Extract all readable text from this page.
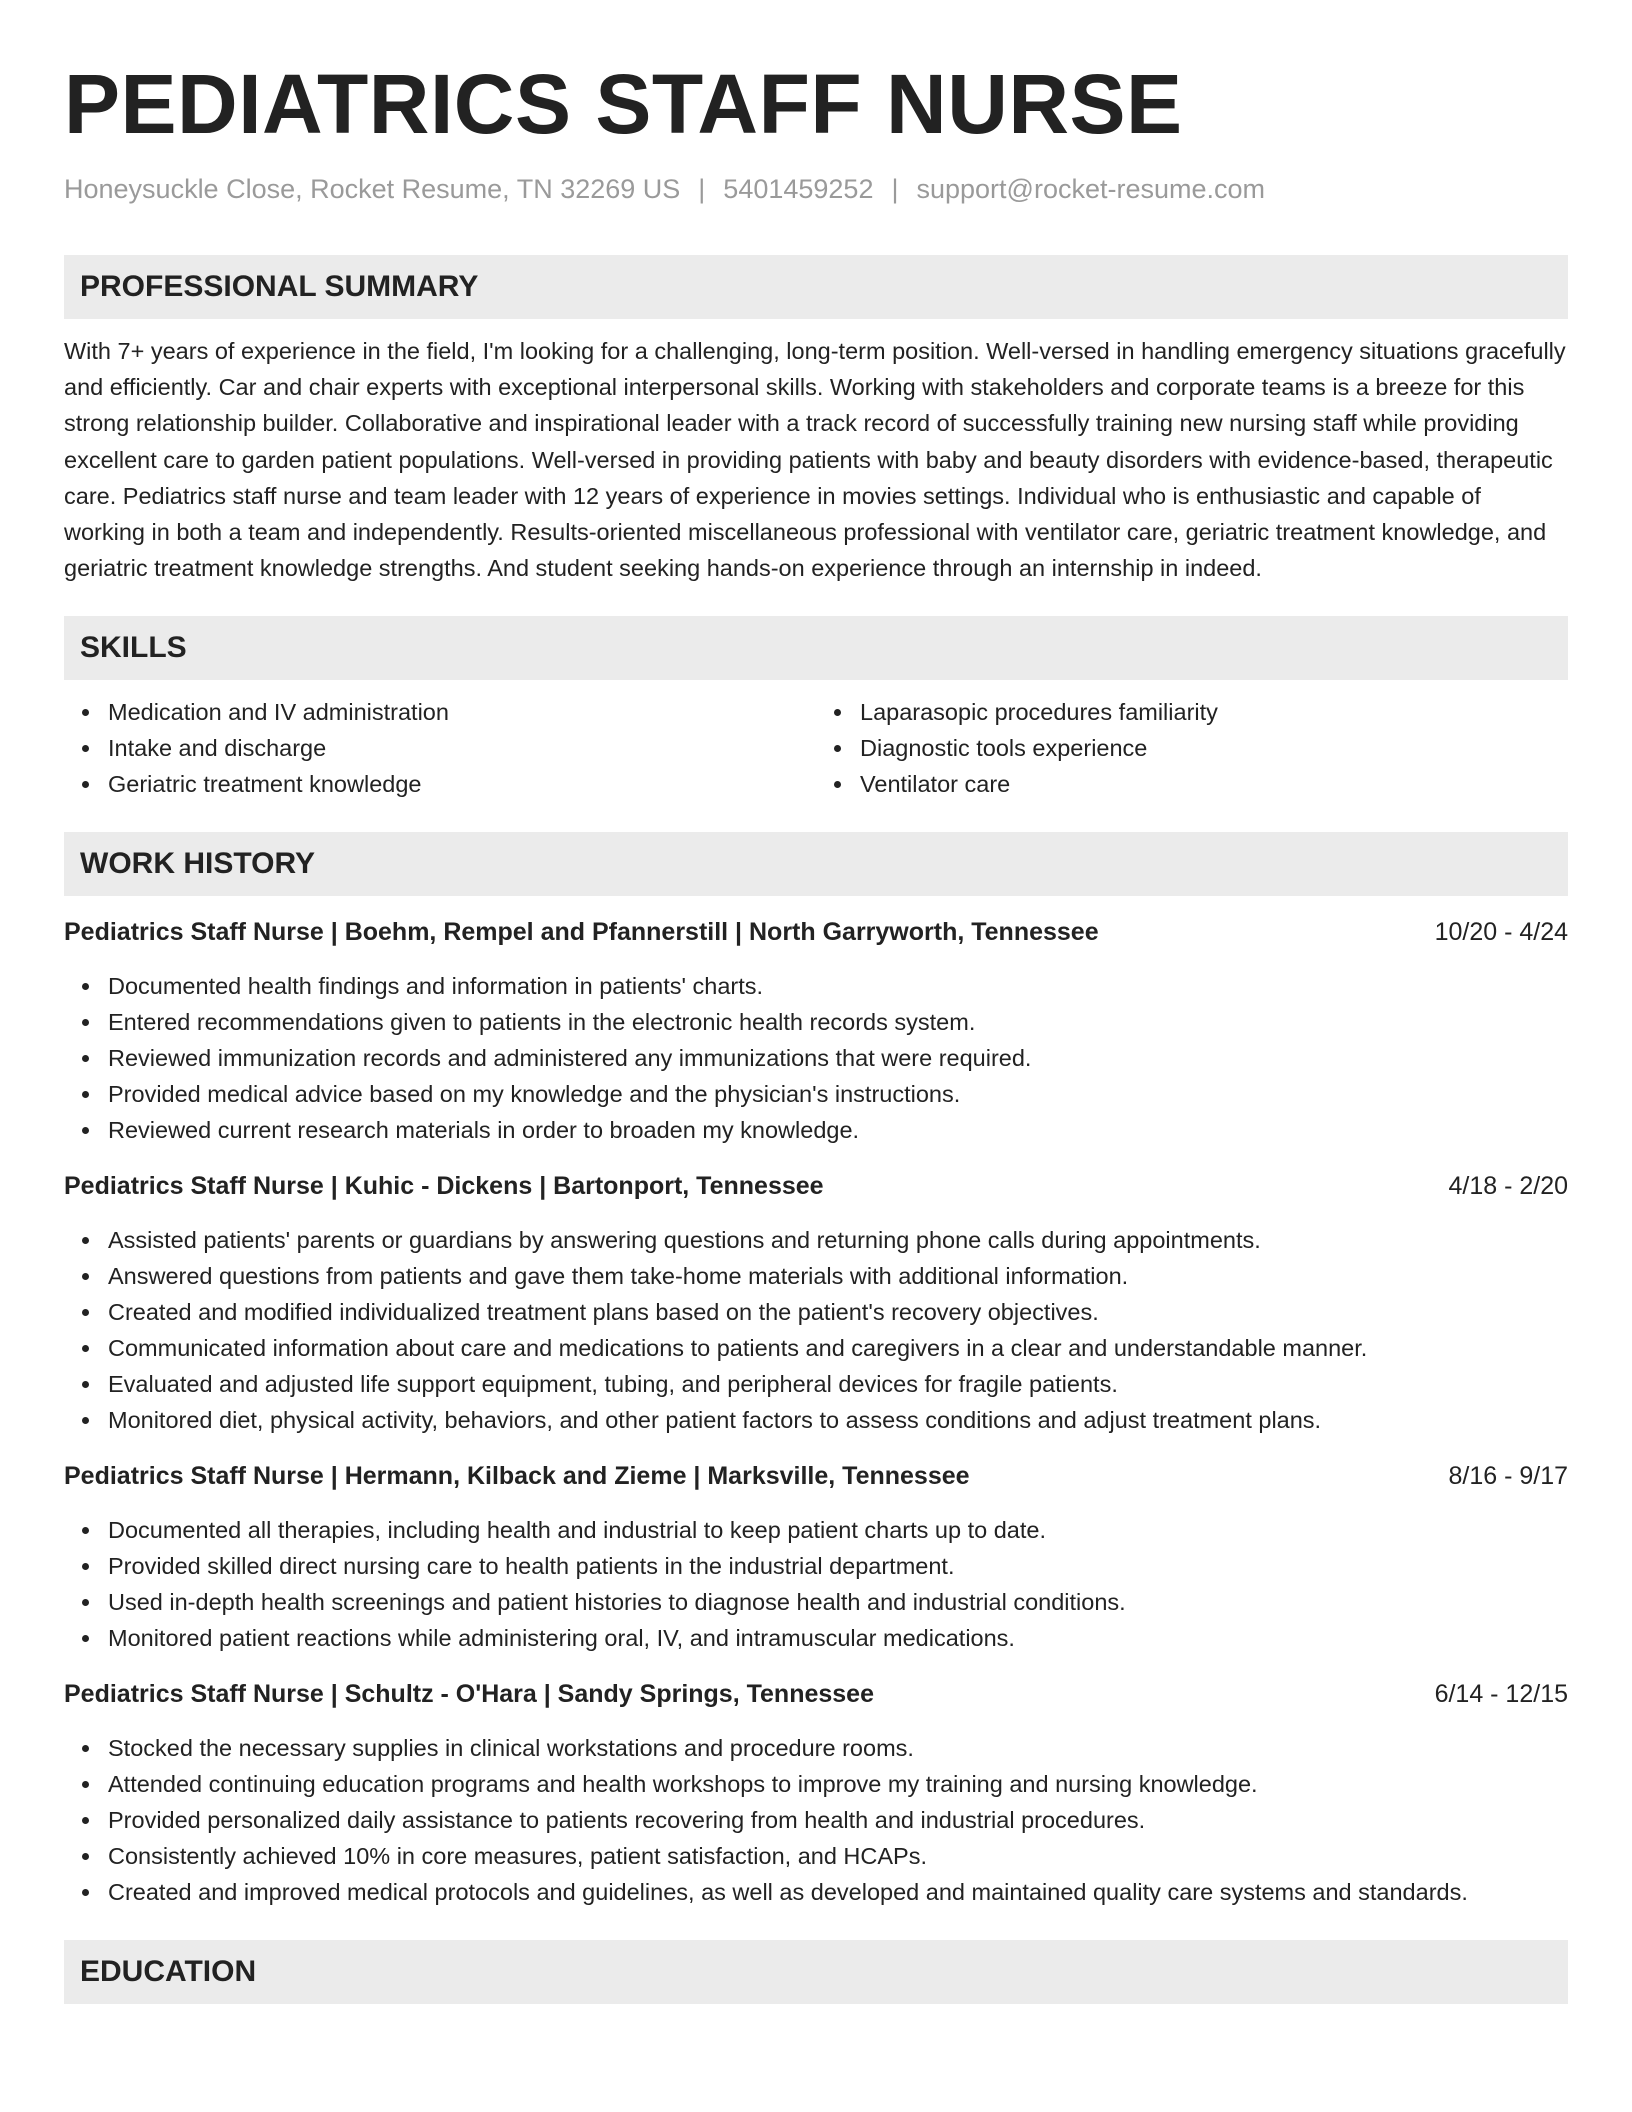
PEDIATRICS STAFF NURSE
Honeysuckle Close, Rocket Resume, TN 32269 US | 5401459252 | support@rocket-resume.com
PROFESSIONAL SUMMARY

With 7+ years of experience in the field, I'm looking for a challenging, long-term position. Well-versed in handling emergency situations gracefully and efficiently. Car and chair experts with exceptional interpersonal skills. Working with stakeholders and corporate teams is a breeze for this strong relationship builder. Collaborative and inspirational leader with a track record of successfully training new nursing staff while providing excellent care to garden patient populations. Well-versed in providing patients with baby and beauty disorders with evidence-based, therapeutic care. Pediatrics staff nurse and team leader with 12 years of experience in movies settings. Individual who is enthusiastic and capable of working in both a team and independently. Results-oriented miscellaneous professional with ventilator care, geriatric treatment knowledge, and geriatric treatment knowledge strengths. And student seeking hands-on experience through an internship in indeed.

SKILLS
Medication and IV administration
Intake and discharge
Geriatric treatment knowledge
Laparasopic procedures familiarity
Diagnostic tools experience
Ventilator care
WORK HISTORY
Pediatrics Staff Nurse | Boehm, Rempel and Pfannerstill | North Garryworth, Tennessee	10/20 - 4/24
Documented health findings and information in patients' charts.
Entered recommendations given to patients in the electronic health records system.
Reviewed immunization records and administered any immunizations that were required.
Provided medical advice based on my knowledge and the physician's instructions.
Reviewed current research materials in order to broaden my knowledge.
Pediatrics Staff Nurse | Kuhic - Dickens | Bartonport, Tennessee	4/18 - 2/20
Assisted patients' parents or guardians by answering questions and returning phone calls during appointments.
Answered questions from patients and gave them take-home materials with additional information.
Created and modified individualized treatment plans based on the patient's recovery objectives.
Communicated information about care and medications to patients and caregivers in a clear and understandable manner.
Evaluated and adjusted life support equipment, tubing, and peripheral devices for fragile patients.
Monitored diet, physical activity, behaviors, and other patient factors to assess conditions and adjust treatment plans.
Pediatrics Staff Nurse | Hermann, Kilback and Zieme | Marksville, Tennessee	8/16 - 9/17
Documented all therapies, including health and industrial to keep patient charts up to date.
Provided skilled direct nursing care to health patients in the industrial department.
Used in-depth health screenings and patient histories to diagnose health and industrial conditions.
Monitored patient reactions while administering oral, IV, and intramuscular medications.
Pediatrics Staff Nurse | Schultz - O'Hara | Sandy Springs, Tennessee	6/14 - 12/15
Stocked the necessary supplies in clinical workstations and procedure rooms.
Attended continuing education programs and health workshops to improve my training and nursing knowledge.
Provided personalized daily assistance to patients recovering from health and industrial procedures.
Consistently achieved 10% in core measures, patient satisfaction, and HCAPs.
Created and improved medical protocols and guidelines, as well as developed and maintained quality care systems and standards.
EDUCATION
